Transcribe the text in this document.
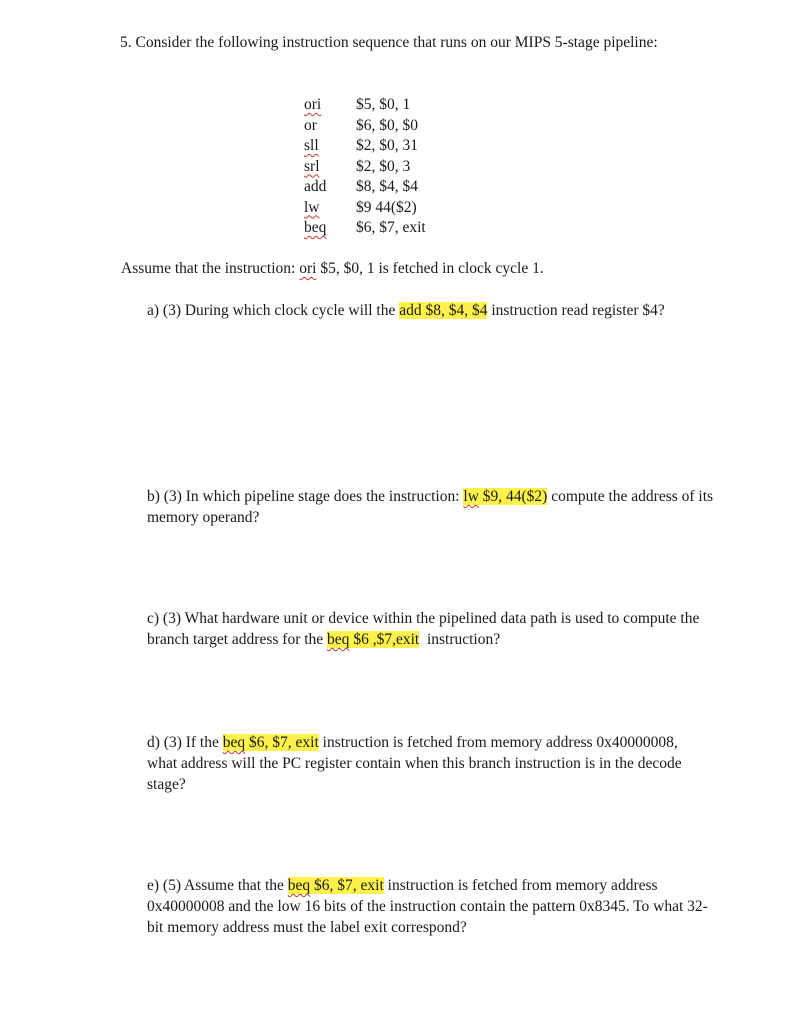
5. Consider the following instruction sequence that runs on our MIPS 5-stage pipeline:
ori	$5, $0, 1
or	$6, $0, $0
sll	$2, $0, 31
srl	$2, $0, 3
add	$8, $4, $4
lw	$9 44($2)
beq	$6, $7, exit
Assume that the instruction: ori $5, $0, 1 is fetched in clock cycle 1.
a) (3) During which clock cycle will the add $8, $4, $4 instruction read register $4?
b) (3) In which pipeline stage does the instruction: lw $9, 44($2) compute the address of its memory operand?
c) (3) What hardware unit or device within the pipelined data path is used to compute the branch target address for the beq $6 ,$7,exit  instruction?
d) (3) If the beq $6, $7, exit instruction is fetched from memory address 0x40000008, what address will the PC register contain when this branch instruction is in the decode stage?
e) (5) Assume that the beq $6, $7, exit instruction is fetched from memory address 0x40000008 and the low 16 bits of the instruction contain the pattern 0x8345. To what 32-bit memory address must the label exit correspond?
